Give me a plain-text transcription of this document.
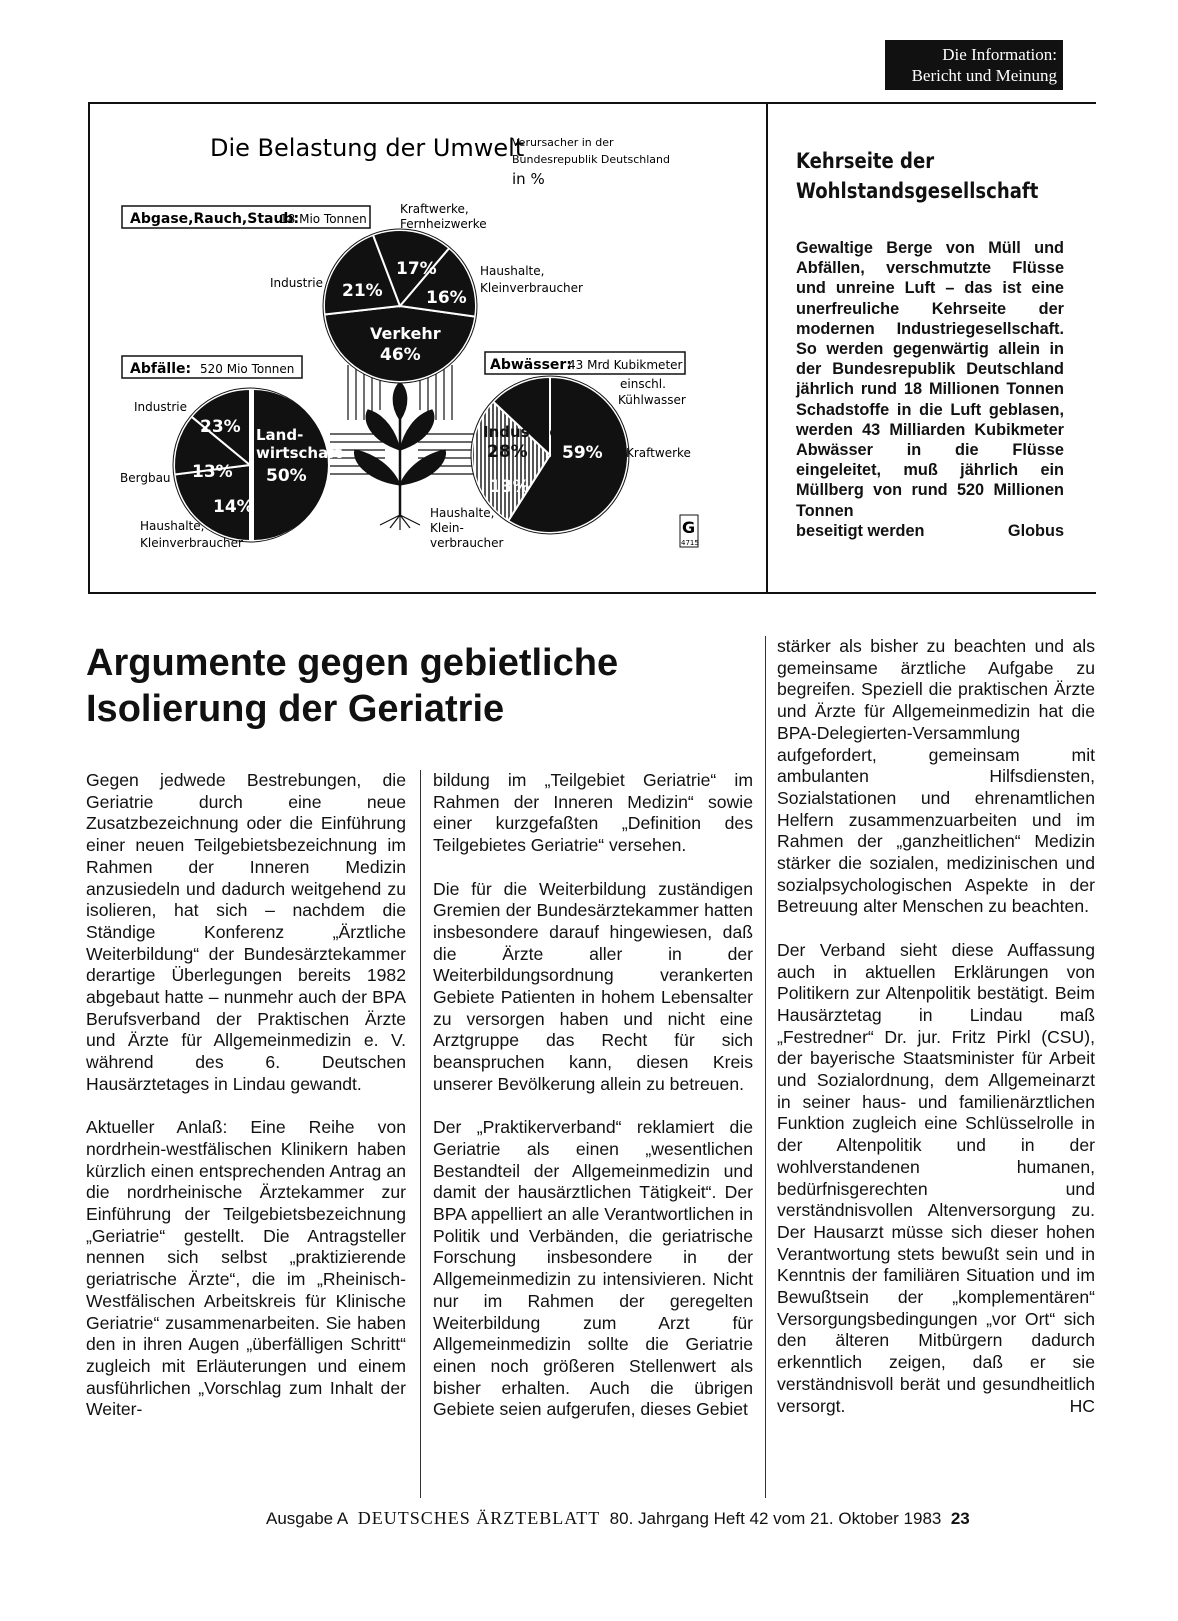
Die Information:
Bericht und Meinung
Die Belastung der Umwelt
Verursacher in der
Bundesrepublik Deutschland
in %
Abgase,Rauch,Staub:
18 Mio Tonnen
Industrie
Kraftwerke,
Fernheizwerke
Haushalte,
Kleinverbraucher
21%
17%
16%
Verkehr
46%
Abfälle: 520 Mio Tonnen
Industrie
Bergbau
Haushalte,
Kleinverbraucher
23%
13%
14%
Land-
wirtschaft
50%
Abwässer:
43 Mrd Kubikmeter
einschl.
Kühlwasser
Kraftwerke
Haushalte,
Klein-
verbraucher
Industrie
28% 59%
13%
G
4715
Kehrseite der
Wohlstandsgesellschaft
Gewaltige Berge von Müll und Abfällen, verschmutzte Flüsse und unreine Luft – das ist eine unerfreuliche Kehrseite der modernen Industriegesellschaft. So werden gegenwärtig allein in der Bundesrepublik Deutschland jährlich rund 18 Millionen Tonnen Schadstoffe in die Luft geblasen, werden 43 Milliarden Kubikmeter Abwässer in die Flüsse eingeleitet, muß jährlich ein Müllberg von rund 520 Millionen Tonnen
beseitigt werden	Globus
Argumente gegen gebietliche
Isolierung der Geriatrie

Gegen jedwede Bestrebungen, die Geriatrie durch eine neue Zusatzbezeichnung oder die Einführung einer neuen Teilgebietsbezeichnung im Rahmen der Inneren Medizin anzusiedeln und dadurch weitgehend zu isolieren, hat sich – nachdem die Ständige Konferenz „Ärztliche Weiterbildung“ der Bundesärztekammer derartige Überlegungen bereits 1982 abgebaut hatte – nunmehr auch der BPA Berufsverband der Praktischen Ärzte und Ärzte für Allgemeinmedizin e. V. während des 6. Deutschen Hausärztetages in Lindau gewandt.

Aktueller Anlaß: Eine Reihe von nordrhein-westfälischen Klinikern haben kürzlich einen entsprechenden Antrag an die nordrheinische Ärztekammer zur Einführung der Teilgebietsbezeichnung „Geriatrie“ gestellt. Die Antragsteller nennen sich selbst „praktizierende geriatrische Ärzte“, die im „Rheinisch-Westfälischen Arbeitskreis für Klinische Geriatrie“ zusammenarbeiten. Sie haben den in ihren Augen „überfälligen Schritt“ zugleich mit Erläuterungen und einem ausführlichen „Vorschlag zum Inhalt der Weiter-

bildung im „Teilgebiet Geriatrie“ im Rahmen der Inneren Medizin“ sowie einer kurzgefaßten „Definition des Teilgebietes Geriatrie“ versehen.

Die für die Weiterbildung zuständigen Gremien der Bundesärztekammer hatten insbesondere darauf hingewiesen, daß die Ärzte aller in der Weiterbildungsordnung verankerten Gebiete Patienten in hohem Lebensalter zu versorgen haben und nicht eine Arztgruppe das Recht für sich beanspruchen kann, diesen Kreis unserer Bevölkerung allein zu betreuen.

Der „Praktikerverband“ reklamiert die Geriatrie als einen „wesentlichen Bestandteil der Allgemeinmedizin und damit der hausärztlichen Tätigkeit“. Der BPA appelliert an alle Verantwortlichen in Politik und Verbänden, die geriatrische Forschung insbesondere in der Allgemeinmedizin zu intensivieren. Nicht nur im Rahmen der geregelten Weiterbildung zum Arzt für Allgemeinmedizin sollte die Geriatrie einen noch größeren Stellenwert als bisher erhalten. Auch die übrigen Gebiete seien aufgerufen, dieses Gebiet

stärker als bisher zu beachten und als gemeinsame ärztliche Aufgabe zu begreifen. Speziell die praktischen Ärzte und Ärzte für Allgemeinmedizin hat die BPA-Delegierten-Versammlung aufgefordert, gemeinsam mit ambulanten Hilfsdiensten, Sozialstationen und ehrenamtlichen Helfern zusammenzuarbeiten und im Rahmen der „ganzheitlichen“ Medizin stärker die sozialen, medizinischen und sozialpsychologischen Aspekte in der Betreuung alter Menschen zu beachten.

Der Verband sieht diese Auffassung auch in aktuellen Erklärungen von Politikern zur Altenpolitik bestätigt. Beim Hausärztetag in Lindau maß „Festredner“ Dr. jur. Fritz Pirkl (CSU), der bayerische Staatsminister für Arbeit und Sozialordnung, dem Allgemeinarzt in seiner haus- und familienärztlichen Funktion zugleich eine Schlüsselrolle in der Altenpolitik und in der wohlverstandenen humanen, bedürfnisgerechten und verständnisvollen Altenversorgung zu. Der Hausarzt müsse sich dieser hohen Verantwortung stets bewußt sein und in Kenntnis der familiären Situation und im Bewußtsein der „komplementären“ Versorgungsbedingungen „vor Ort“ sich den älteren Mitbürgern dadurch erkenntlich zeigen, daß er sie verständnisvoll berät und gesundheitlich versorgt.	HC

Ausgabe A DEUTSCHES ÄRZTEBLATT 80. Jahrgang Heft 42 vom 21. Oktober 1983 23
